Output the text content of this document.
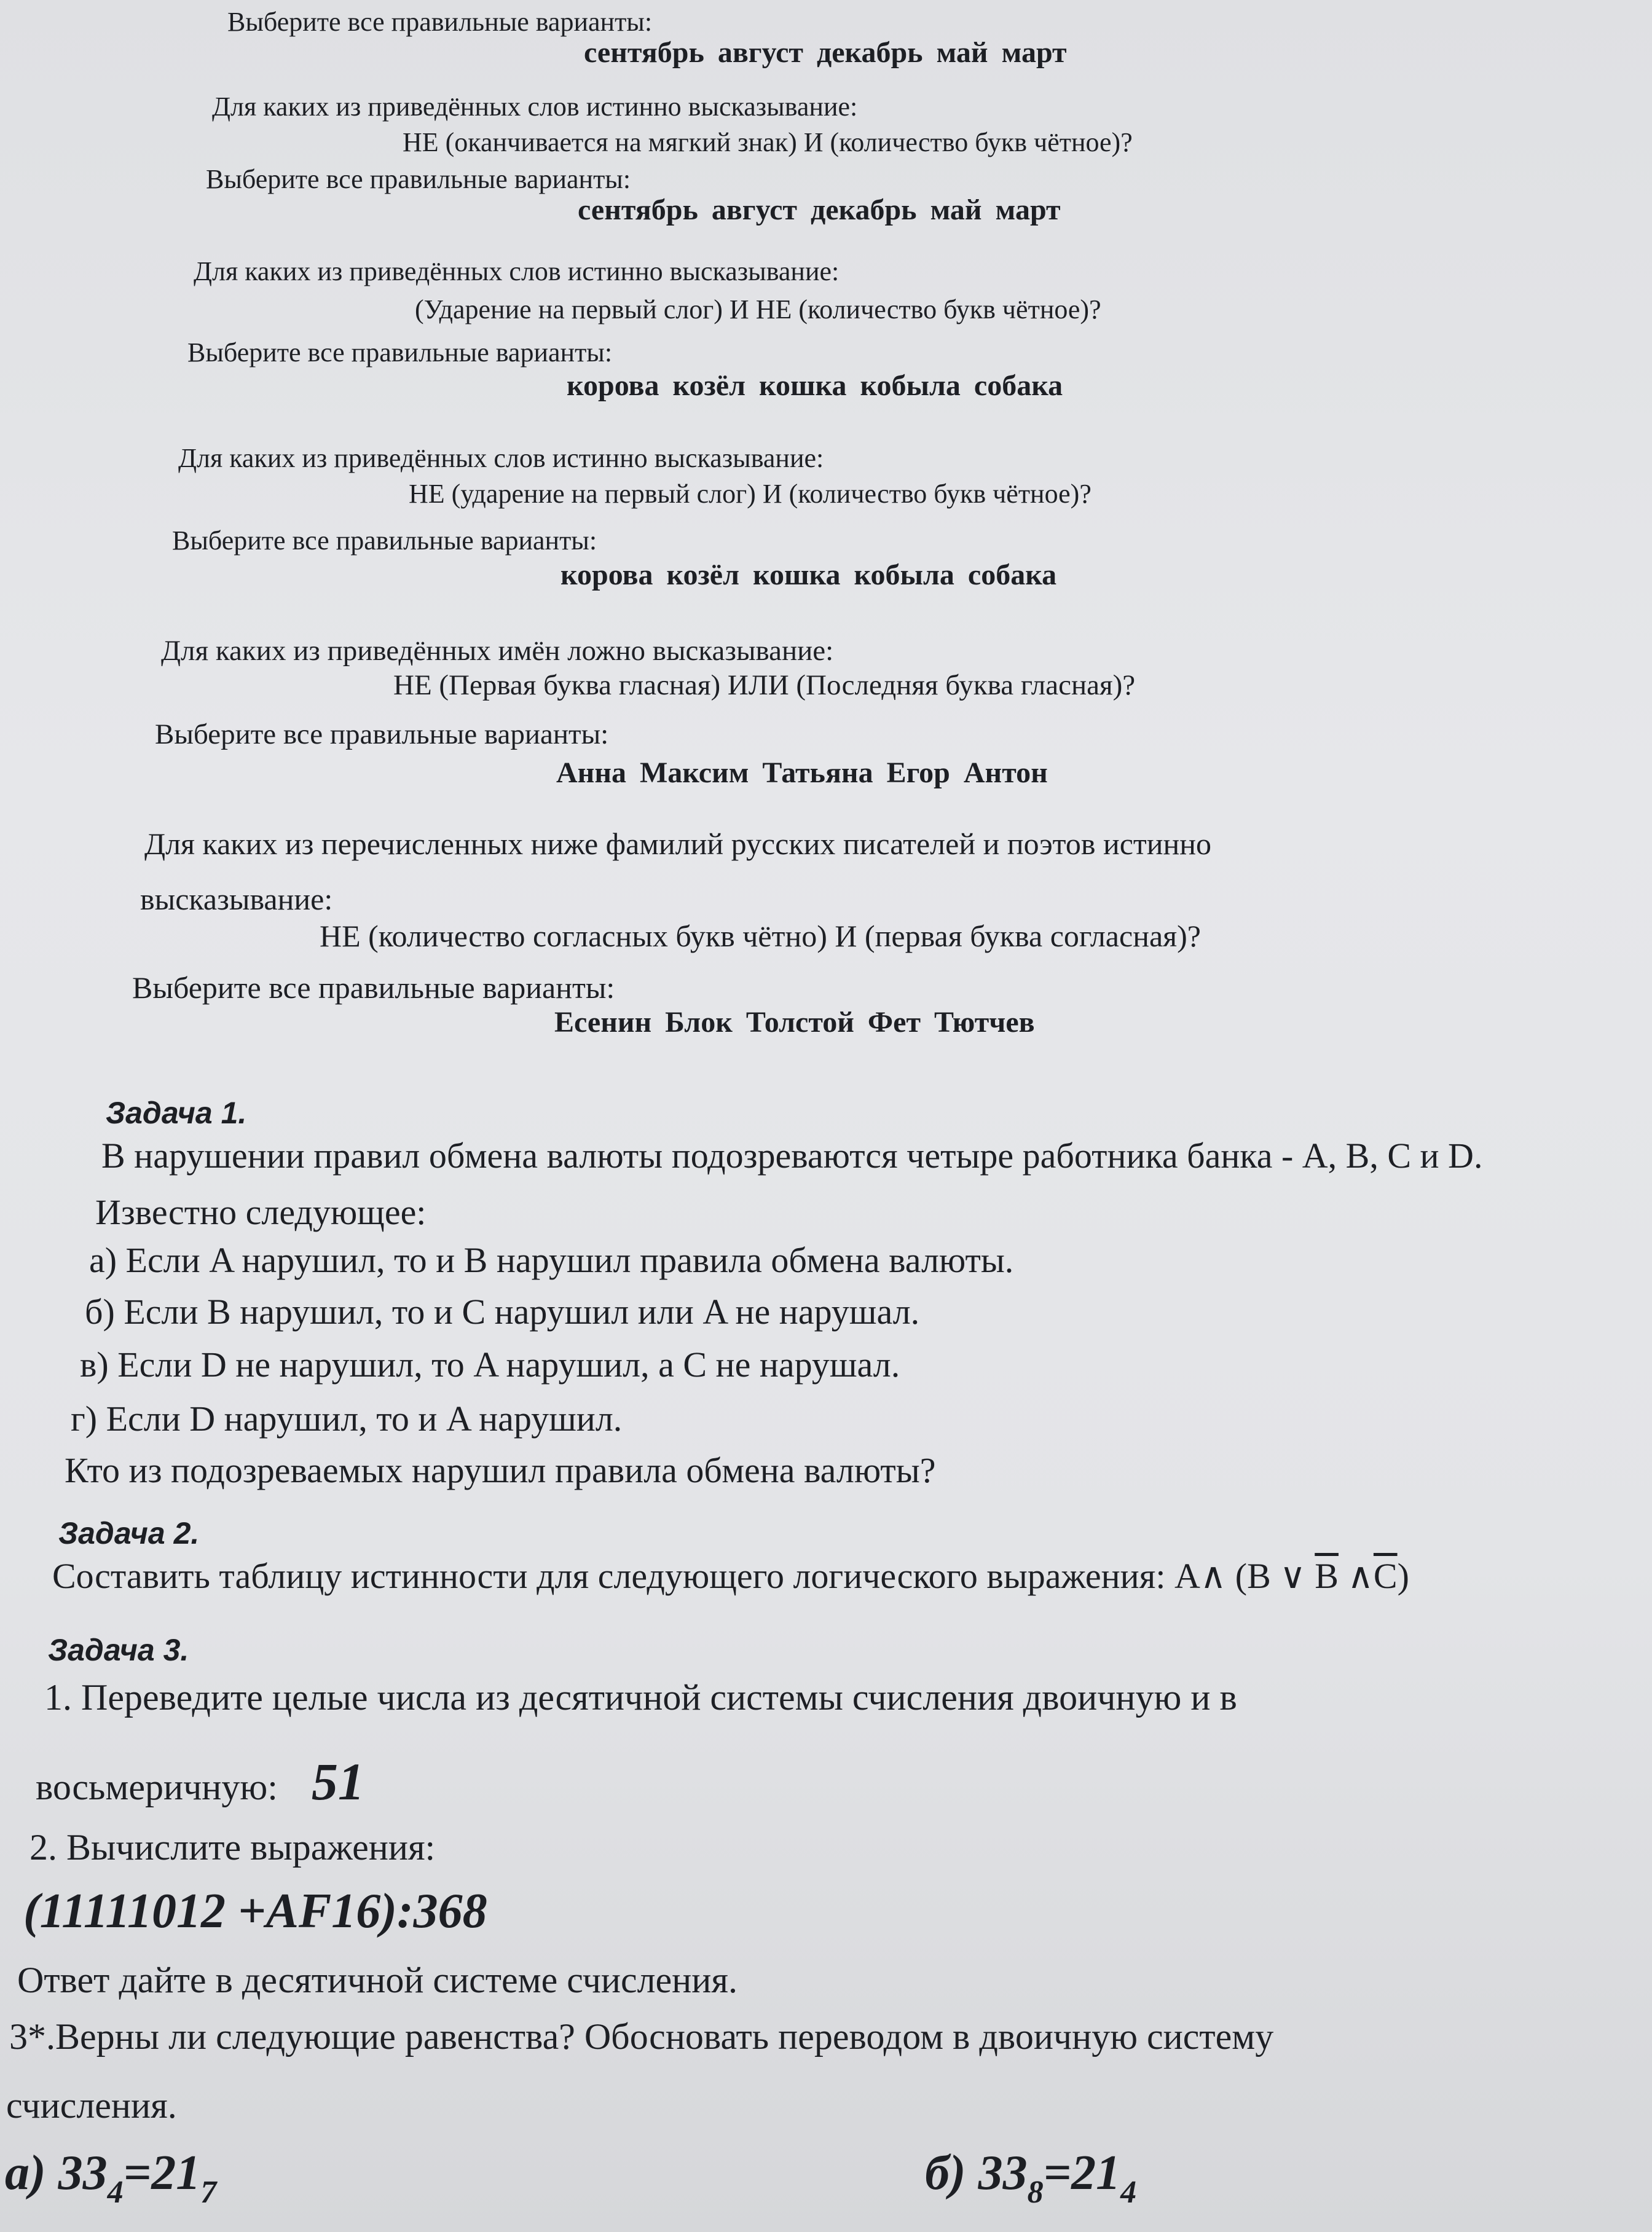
Выберите все правильные варианты:
сентябрь август декабрь май март
Для каких из приведённых слов истинно высказывание:
НЕ (оканчивается на мягкий знак) И (количество букв чётное)?
Выберите все правильные варианты:
сентябрь август декабрь май март
Для каких из приведённых слов истинно высказывание:
(Ударение на первый слог) И НЕ (количество букв чётное)?
Выберите все правильные варианты:
корова козёл кошка кобыла собака
Для каких из приведённых слов истинно высказывание:
НЕ (ударение на первый слог) И (количество букв чётное)?
Выберите все правильные варианты:
корова козёл кошка кобыла собака
Для каких из приведённых имён ложно высказывание:
НЕ (Первая буква гласная) ИЛИ (Последняя буква гласная)?
Выберите все правильные варианты:
Анна Максим Татьяна Егор Антон
Для каких из перечисленных ниже фамилий русских писателей и поэтов истинно
высказывание:
НЕ (количество согласных букв чётно) И (первая буква согласная)?
Выберите все правильные варианты:
Есенин Блок Толстой Фет Тютчев
Задача 1.
В нарушении правил обмена валюты подозреваются четыре работника банка - A, B, C и D.
Известно следующее:
а) Если A нарушил, то и B нарушил правила обмена валюты.
б) Если B нарушил, то и C нарушил или A не нарушал.
в) Если D не нарушил, то A нарушил, а C не нарушал.
г) Если D нарушил, то и A нарушил.
Кто из подозреваемых нарушил правила обмена валюты?
Задача 2.
Составить таблицу истинности для следующего логического выражения: A∧ (B ∨ $\overline{B}$ $\wedge\overline{C}$)
Задача 3.
1. Переведите целые числа из десятичной системы счисления двоичную и в
восьмеричную: 51
2. Вычислите выражения:
(11111012 +AF16):368
Ответ дайте в десятичной системе счисления.
3*.Верны ли следующие равенства? Обосновать переводом в двоичную систему
счисления.
а) $33_4=21_7$	б) $33_8=21_4$
